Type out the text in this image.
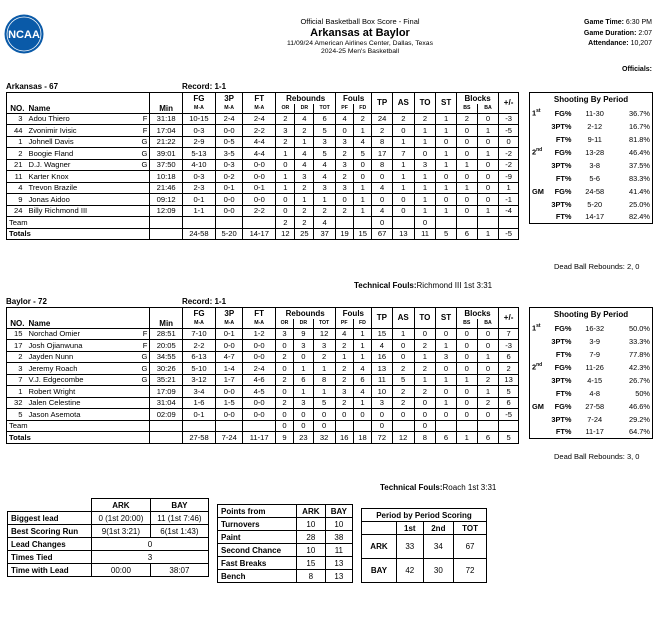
NCAA
Official Basketball Box Score - Final
Arkansas at Baylor
11/09/24 American Airlines Center, Dallas, Texas
2024-25 Men's Basketball
Game Time: 6:30 PM
Game Duration: 2:07
Attendance: 10,207
Officials:
Arkansas - 67	Record: 1-1
				FG	3P	FT	Rebounds			Fouls		TP	AS	TO	ST	Blocks		+/-
NO.	Name		Min	M-A	M-A	M-A	OR	DR	TOT	PF	FD					BS	BA	
3	Adou Thiero	F	31:18	10-15	2-4	2-4	2	4	6	4	2	24	2	2	1	2	0	-3
44	Zvonimir Ivisic	F	17:04	0-3	0-0	2-2	3	2	5	0	1	2	0	1	1	0	1	-5
1	Johnell Davis	G	21:22	2-9	0-5	4-4	2	1	3	3	4	8	1	1	0	0	0	0
2	Boogie Fland	G	39:01	5-13	3-5	4-4	1	4	5	2	5	17	7	0	1	0	1	-2
21	D.J. Wagner	G	37:50	4-10	0-3	0-0	0	4	4	3	0	8	1	3	1	1	0	-2
11	Karter Knox		10:18	0-3	0-2	0-0	1	3	4	2	0	0	1	1	0	0	0	-9
4	Trevon Brazile		21:46	2-3	0-1	0-1	1	2	3	3	1	4	1	1	1	1	0	1
9	Jonas Aidoo		09:12	0-1	0-0	0-0	0	1	1	0	1	0	0	1	0	0	0	-1
24	Billy Richmond III		12:09	1-1	0-0	2-2	0	2	2	2	1	4	0	1	1	0	1	-4
Team							2	2	4			0		0				
Totals				24-58	5-20	14-17	12	25	37	19	15	67	13	11	5	6	1	-5
Shooting By Period			
1st	FG%	11-30	36.7%
	3PT%	2-12	16.7%
	FT%	9-11	81.8%
2nd	FG%	13-28	46.4%
	3PT%	3-8	37.5%
	FT%	5-6	83.3%
GM	FG%	24-58	41.4%
	3PT%	5-20	25.0%
	FT%	14-17	82.4%
Dead Ball Rebounds: 2, 0
Technical Fouls:Richmond III 1st 3:31
Baylor - 72	Record: 1-1
				FG	3P	FT	Rebounds			Fouls		TP	AS	TO	ST	Blocks		+/-
NO.	Name		Min	M-A	M-A	M-A	OR	DR	TOT	PF	FD					BS	BA	
15	Norchad Omier	F	28:51	7-10	0-1	1-2	3	9	12	4	1	15	1	0	0	0	0	7
17	Josh Ojianwuna	F	20:05	2-2	0-0	0-0	0	3	3	2	1	4	0	2	1	0	0	-3
2	Jayden Nunn	G	34:55	6-13	4-7	0-0	2	0	2	1	1	16	0	1	3	0	1	6
3	Jeremy Roach	G	30:26	5-10	1-4	2-4	0	1	1	2	4	13	2	2	0	0	0	2
7	V.J. Edgecombe	G	35:21	3-12	1-7	4-6	2	6	8	2	6	11	5	1	1	1	2	13
1	Robert Wright		17:09	3-4	0-0	4-5	0	1	1	3	4	10	2	2	0	0	1	5
32	Jalen Celestine		31:04	1-6	1-5	0-0	2	3	5	2	1	3	2	0	1	0	2	6
5	Jason Asemota		02:09	0-1	0-0	0-0	0	0	0	0	0	0	0	0	0	0	0	-5
Team							0	0	0			0		0				
Totals				27-58	7-24	11-17	9	23	32	16	18	72	12	8	6	1	6	5
Shooting By Period			
1st	FG%	16-32	50.0%
	3PT%	3-9	33.3%
	FT%	7-9	77.8%
2nd	FG%	11-26	42.3%
	3PT%	4-15	26.7%
	FT%	4-8	50%
GM	FG%	27-58	46.6%
	3PT%	7-24	29.2%
	FT%	11-17	64.7%
Dead Ball Rebounds: 3, 0
Technical Fouls:Roach 1st 3:31
	ARK	BAY
Biggest lead	0 (1st 20:00)	11 (1st 7:46)
Best Scoring Run	9(1st 3:21)	6(1st 1:43)
Lead Changes	0	
Times Tied	3	
Time with Lead	00:00	38:07
Points from	ARK	BAY
Turnovers	10	10
Paint	28	38
Second Chance	10	11
Fast Breaks	15	13
Bench	8	13
Period by Period Scoring			
	1st	2nd	TOT
ARK	33	34	67
BAY	42	30	72
